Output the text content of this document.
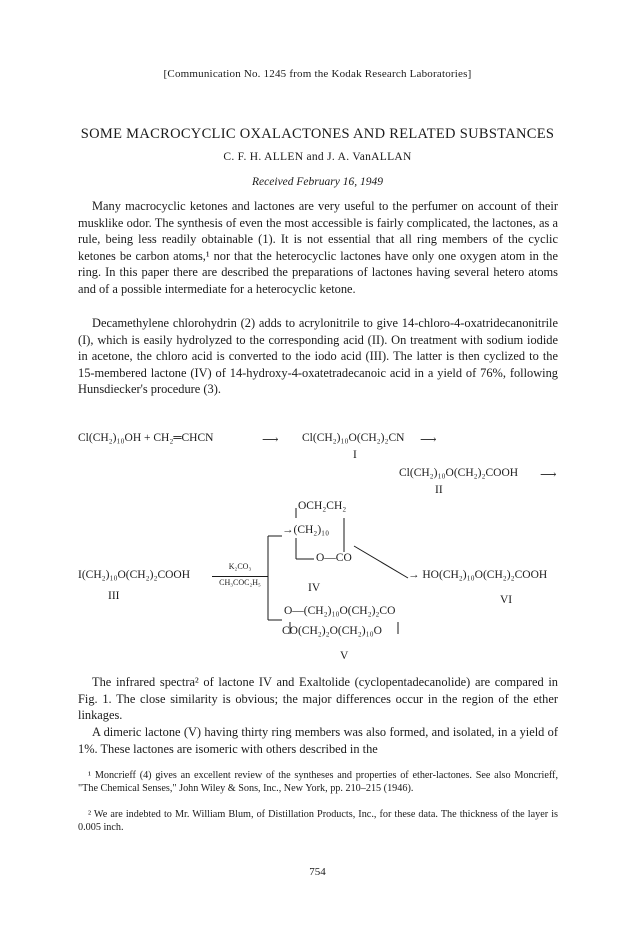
[Communication No. 1245 from the Kodak Research Laboratories]
SOME MACROCYCLIC OXALACTONES AND RELATED SUBSTANCES
C. F. H. ALLEN and J. A. VanALLAN
Received February 16, 1949

Many macrocyclic ketones and lactones are very useful to the perfumer on account of their musklike odor. The synthesis of even the most accessible is fairly complicated, the lactones, as a rule, being less readily obtainable (1). It is not essential that all ring members of the cyclic ketones be carbon atoms,¹ nor that the heterocyclic lactones have only one oxygen atom in the ring. In this paper there are described the preparations of lactones having several hetero atoms and of a possible intermediate for a heterocyclic ketone.

Decamethylene chlorohydrin (2) adds to acrylonitrile to give 14-chloro-4-oxatridecanonitrile (I), which is easily hydrolyzed to the corresponding acid (II). On treatment with sodium iodide in acetone, the chloro acid is converted to the iodo acid (III). The latter is then cyclized to the 15-membered lactone (IV) of 14-hydroxy-4-oxatetradecanoic acid in a yield of 76%, following Hunsdiecker's procedure (3).

Cl(CH₂)₁₀OH + CH₂═CHCN	⟶ Cl(CH₂)₁₀O(CH₂)₂CN ⟶
I
Cl(CH₂)₁₀O(CH₂)₂COOH ⟶
II
OCH₂CH₂
→(CH₂)₁₀
O—CO
I(CH₂)₁₀O(CH₂)₂COOH
K₂CO₃
CH₃COC₂H₅
III
IV
→ HO(CH₂)₁₀O(CH₂)₂COOH
VI
O—(CH₂)₁₀O(CH₂)₂CO
CO(CH₂)₂O(CH₂)₁₀O
V

The infrared spectra² of lactone IV and Exaltolide (cyclopentadecanolide) are compared in Fig. 1. The close similarity is obvious; the major differences occur in the region of the ether linkages.

A dimeric lactone (V) having thirty ring members was also formed, and isolated, in a yield of 1%. These lactones are isomeric with others described in the

¹ Moncrieff (4) gives an excellent review of the syntheses and properties of ether-lactones. See also Moncrieff, "The Chemical Senses," John Wiley & Sons, Inc., New York, pp. 210–215 (1946).

² We are indebted to Mr. William Blum, of Distillation Products, Inc., for these data. The thickness of the layer is 0.005 inch.

754
